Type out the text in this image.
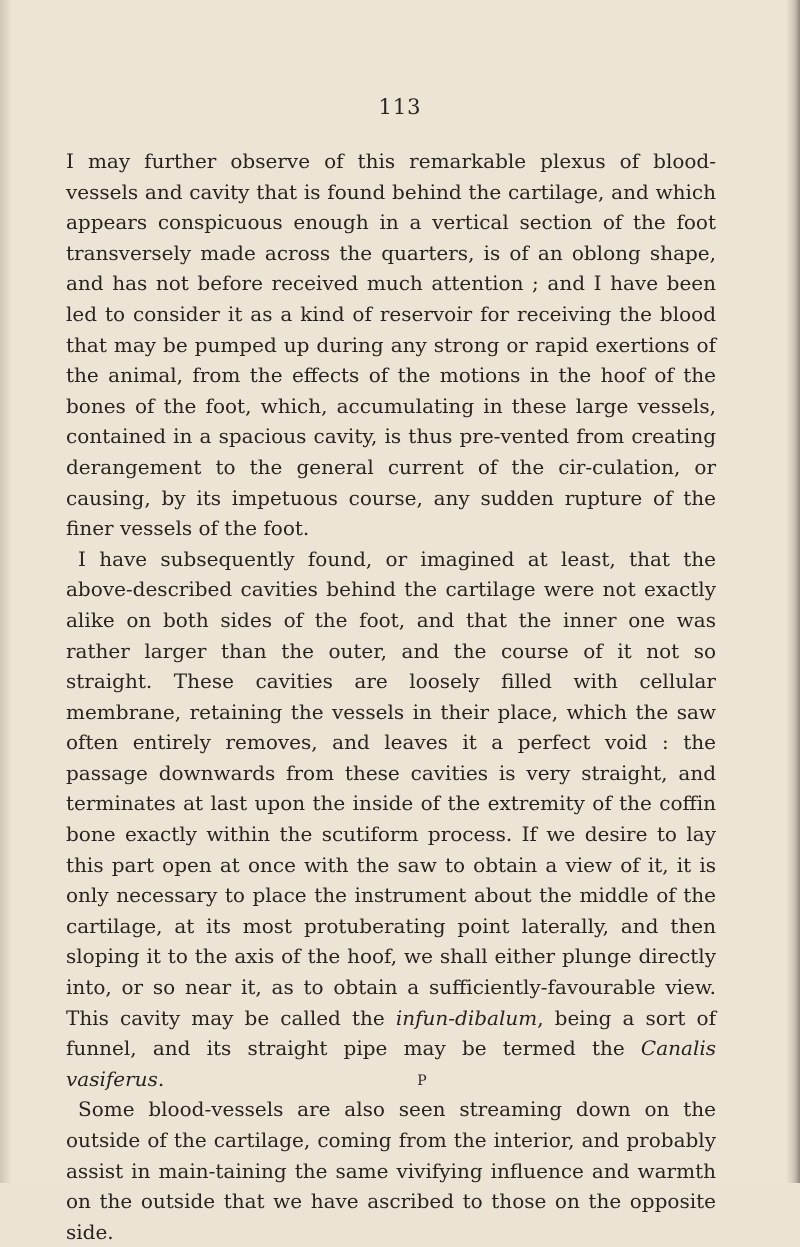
113

I may further observe of this remarkable plexus of blood-vessels and cavity that is found behind the cartilage, and which appears conspicuous enough in a vertical section of the foot transversely made across the quarters, is of an oblong shape, and has not before received much attention ; and I have been led to consider it as a kind of reservoir for receiving the blood that may be pumped up during any strong or rapid exertions of the animal, from the effects of the motions in the hoof of the bones of the foot, which, accumulating in these large vessels, contained in a spacious cavity, is thus pre-vented from creating derangement to the general current of the cir-culation, or causing, by its impetuous course, any sudden rupture of the finer vessels of the foot.

I have subsequently found, or imagined at least, that the above-described cavities behind the cartilage were not exactly alike on both sides of the foot, and that the inner one was rather larger than the outer, and the course of it not so straight. These cavities are loosely filled with cellular membrane, retaining the vessels in their place, which the saw often entirely removes, and leaves it a perfect void : the passage downwards from these cavities is very straight, and terminates at last upon the inside of the extremity of the coffin bone exactly within the scutiform process. If we desire to lay this part open at once with the saw to obtain a view of it, it is only necessary to place the instrument about the middle of the cartilage, at its most protuberating point laterally, and then sloping it to the axis of the hoof, we shall either plunge directly into, or so near it, as to obtain a sufficiently-favourable view. This cavity may be called the infun-dibalum, being a sort of funnel, and its straight pipe may be termed the Canalis vasiferus.

Some blood-vessels are also seen streaming down on the outside of the cartilage, coming from the interior, and probably assist in main-taining the same vivifying influence and warmth on the outside that we have ascribed to those on the opposite side.

P
